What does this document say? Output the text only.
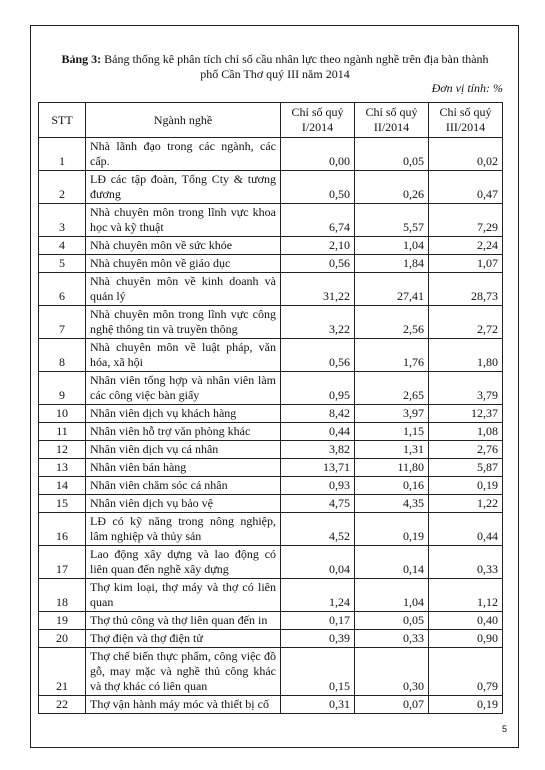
Bảng 3: Bảng thống kê phân tích chỉ số cầu nhân lực theo ngành nghề trên địa bàn thành phố Cần Thơ quý III năm 2014
Đơn vị tính: %
STT	Ngành nghề	Chỉ số quý I/2014	Chỉ số quý II/2014	Chỉ số quý III/2014
1	Nhà lãnh đạo trong các ngành, các cấp.	0,00	0,05	0,02
2	LĐ các tập đoàn, Tổng Cty & tương đương	0,50	0,26	0,47
3	Nhà chuyên môn trong lĩnh vực khoa học và kỹ thuật	6,74	5,57	7,29
4	Nhà chuyên môn về sức khỏe	2,10	1,04	2,24
5	Nhà chuyên môn về giáo dục	0,56	1,84	1,07
6	Nhà chuyên môn về kinh doanh và quản lý	31,22	27,41	28,73
7	Nhà chuyên môn trong lĩnh vực công nghệ thông tin và truyền thông	3,22	2,56	2,72
8	Nhà chuyên môn về luật pháp, văn hóa, xã hội	0,56	1,76	1,80
9	Nhân viên tổng hợp và nhân viên làm các công việc bàn giấy	0,95	2,65	3,79
10	Nhân viên dịch vụ khách hàng	8,42	3,97	12,37
11	Nhân viên hỗ trợ văn phòng khác	0,44	1,15	1,08
12	Nhân viên dịch vụ cá nhân	3,82	1,31	2,76
13	Nhân viên bán hàng	13,71	11,80	5,87
14	Nhân viên chăm sóc cá nhân	0,93	0,16	0,19
15	Nhân viên dịch vụ bảo vệ	4,75	4,35	1,22
16	LĐ có kỹ năng trong nông nghiệp, lâm nghiệp và thủy sản	4,52	0,19	0,44
17	Lao động xây dựng và lao động có liên quan đến nghề xây dựng	0,04	0,14	0,33
18	Thợ kim loại, thợ máy và thợ có liên quan	1,24	1,04	1,12
19	Thợ thủ công và thợ liên quan đến in	0,17	0,05	0,40
20	Thợ điện và thợ điện tử	0,39	0,33	0,90
21	Thợ chế biến thực phẩm, công việc đồ gỗ, may mặc và nghề thủ công khác và thợ khác có liên quan	0,15	0,30	0,79
22	Thợ vận hành máy móc và thiết bị cố	0,31	0,07	0,19
5
